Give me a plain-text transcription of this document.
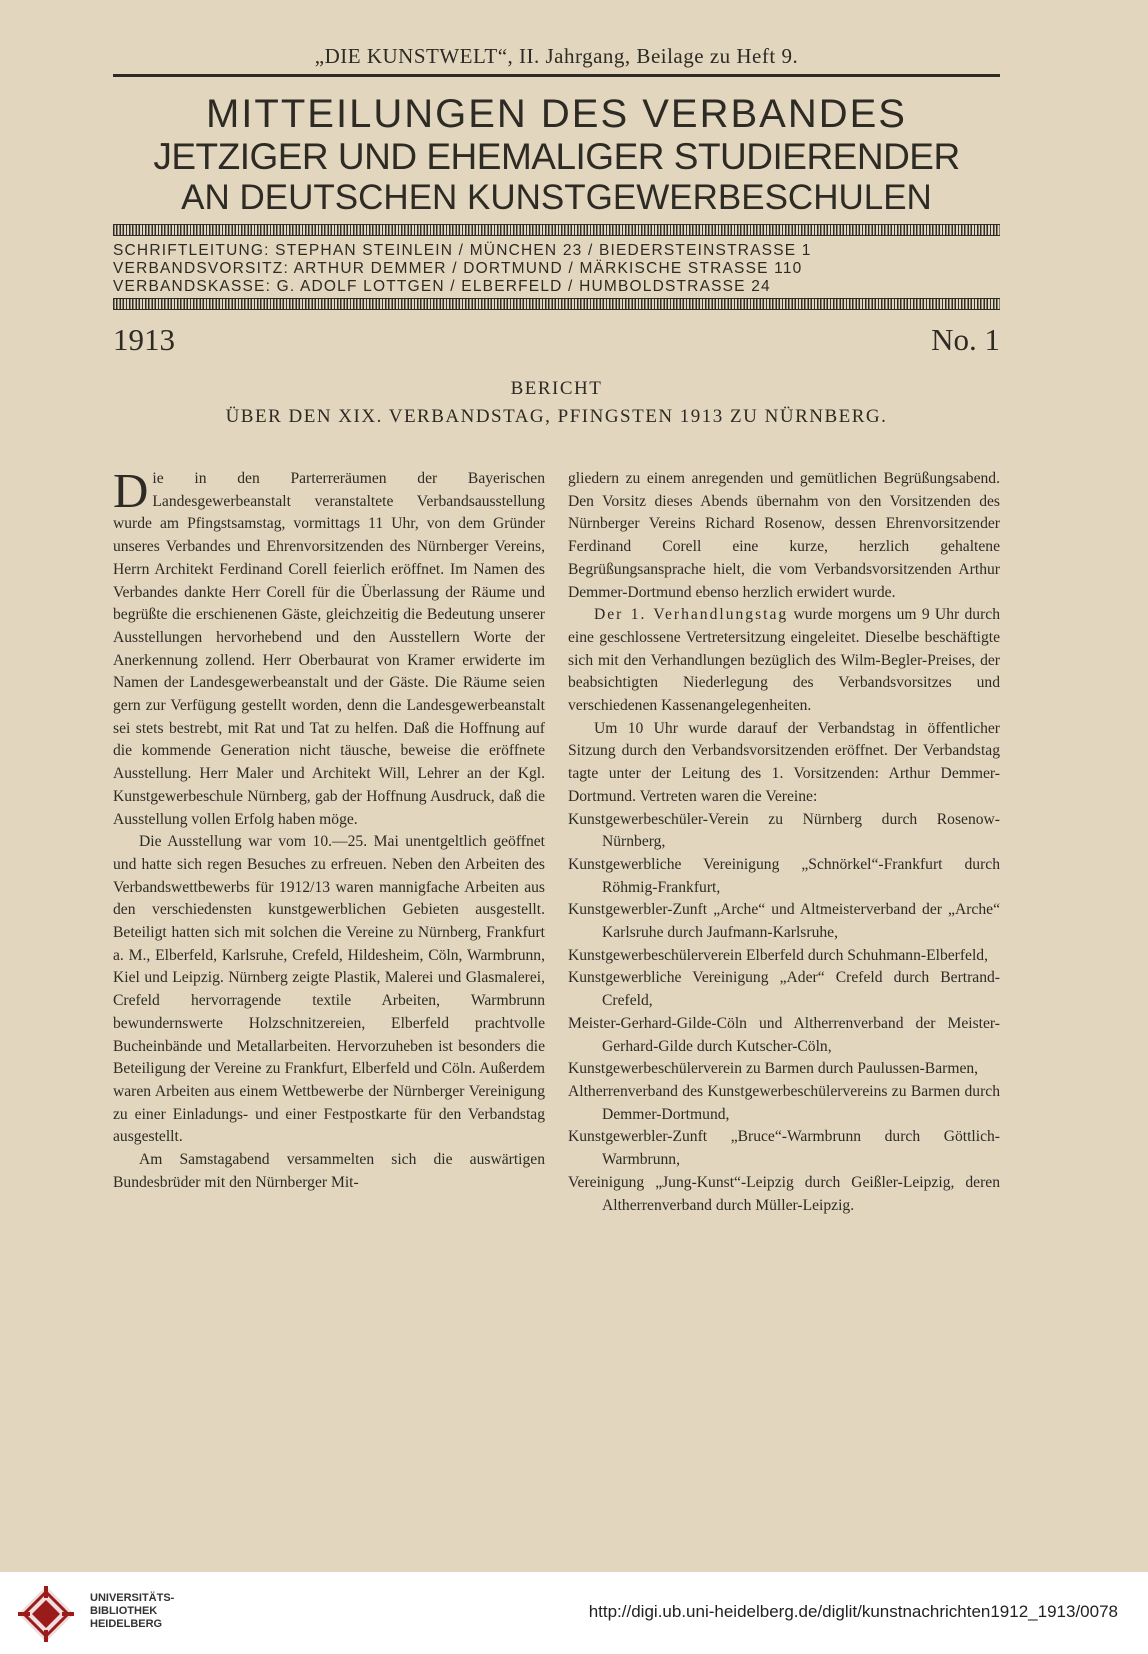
„DIE KUNSTWELT“, II. Jahrgang, Beilage zu Heft 9.
MITTEILUNGEN DES VERBANDES
JETZIGER UND EHEMALIGER STUDIERENDER
AN DEUTSCHEN KUNSTGEWERBESCHULEN
SCHRIFTLEITUNG: STEPHAN STEINLEIN / MÜNCHEN 23 / BIEDERSTEINSTRASSE 1
VERBANDSVORSITZ: ARTHUR DEMMER / DORTMUND / MÄRKISCHE STRASSE 110
VERBANDSKASSE: G. ADOLF LOTTGEN / ELBERFELD / HUMBOLDSTRASSE 24
1913	No. 1
BERICHT
ÜBER DEN XIX. VERBANDSTAG, PFINGSTEN 1913 ZU NÜRNBERG.

Die in den Parterreräumen der Bayerischen Landesgewerbeanstalt veranstaltete Verbandsausstellung wurde am Pfingstsamstag, vormittags 11 Uhr, von dem Gründer unseres Verbandes und Ehrenvorsitzenden des Nürnberger Vereins, Herrn Architekt Ferdinand Corell feierlich eröffnet. Im Namen des Verbandes dankte Herr Corell für die Überlassung der Räume und begrüßte die erschienenen Gäste, gleichzeitig die Bedeutung unserer Ausstellungen hervorhebend und den Ausstellern Worte der Anerkennung zollend. Herr Oberbaurat von Kramer erwiderte im Namen der Landesgewerbeanstalt und der Gäste. Die Räume seien gern zur Verfügung gestellt worden, denn die Landesgewerbeanstalt sei stets bestrebt, mit Rat und Tat zu helfen. Daß die Hoffnung auf die kommende Generation nicht täusche, beweise die eröffnete Ausstellung. Herr Maler und Architekt Will, Lehrer an der Kgl. Kunstgewerbeschule Nürnberg, gab der Hoffnung Ausdruck, daß die Ausstellung vollen Erfolg haben möge.

Die Ausstellung war vom 10.—25. Mai unentgeltlich geöffnet und hatte sich regen Besuches zu erfreuen. Neben den Arbeiten des Verbandswettbewerbs für 1912/13 waren mannigfache Arbeiten aus den verschiedensten kunstgewerblichen Gebieten ausgestellt. Beteiligt hatten sich mit solchen die Vereine zu Nürnberg, Frankfurt a. M., Elberfeld, Karlsruhe, Crefeld, Hildesheim, Cöln, Warmbrunn, Kiel und Leipzig. Nürnberg zeigte Plastik, Malerei und Glasmalerei, Crefeld hervorragende textile Arbeiten, Warmbrunn bewundernswerte Holzschnitzereien, Elberfeld prachtvolle Bucheinbände und Metallarbeiten. Hervorzuheben ist besonders die Beteiligung der Vereine zu Frankfurt, Elberfeld und Cöln. Außerdem waren Arbeiten aus einem Wettbewerbe der Nürnberger Vereinigung zu einer Einladungs- und einer Festpostkarte für den Verbandstag ausgestellt.

Am Samstagabend versammelten sich die auswärtigen Bundesbrüder mit den Nürnberger Mit-

gliedern zu einem anregenden und gemütlichen Begrüßungsabend. Den Vorsitz dieses Abends übernahm von den Vorsitzenden des Nürnberger Vereins Richard Rosenow, dessen Ehrenvorsitzender Ferdinand Corell eine kurze, herzlich gehaltene Begrüßungsansprache hielt, die vom Verbandsvorsitzenden Arthur Demmer-Dortmund ebenso herzlich erwidert wurde.

Der 1. Verhandlungstag wurde morgens um 9 Uhr durch eine geschlossene Vertretersitzung eingeleitet. Dieselbe beschäftigte sich mit den Verhandlungen bezüglich des Wilm-Begler-Preises, der beabsichtigten Niederlegung des Verbandsvorsitzes und verschiedenen Kassenangelegenheiten.

Um 10 Uhr wurde darauf der Verbandstag in öffentlicher Sitzung durch den Verbandsvorsitzenden eröffnet. Der Verbandstag tagte unter der Leitung des 1. Vorsitzenden: Arthur Demmer-Dortmund. Vertreten waren die Vereine:

Kunstgewerbeschüler-Verein zu Nürnberg durch Rosenow-Nürnberg,

Kunstgewerbliche Vereinigung „Schnörkel“-Frankfurt durch Röhmig-Frankfurt,

Kunstgewerbler-Zunft „Arche“ und Altmeisterverband der „Arche“ Karlsruhe durch Jaufmann-Karlsruhe,

Kunstgewerbeschülerverein Elberfeld durch Schuhmann-Elberfeld,

Kunstgewerbliche Vereinigung „Ader“ Crefeld durch Bertrand-Crefeld,

Meister-Gerhard-Gilde-Cöln und Altherrenverband der Meister-Gerhard-Gilde durch Kutscher-Cöln,

Kunstgewerbeschülerverein zu Barmen durch Paulussen-Barmen,

Altherrenverband des Kunstgewerbeschülervereins zu Barmen durch Demmer-Dortmund,

Kunstgewerbler-Zunft „Bruce“-Warmbrunn durch Göttlich-Warmbrunn,

Vereinigung „Jung-Kunst“-Leipzig durch Geißler-Leipzig, deren Altherrenverband durch Müller-Leipzig.

UNIVERSITÄTS-
BIBLIOTHEK
HEIDELBERG
http://digi.ub.uni-heidelberg.de/diglit/kunstnachrichten1912_1913/0078
